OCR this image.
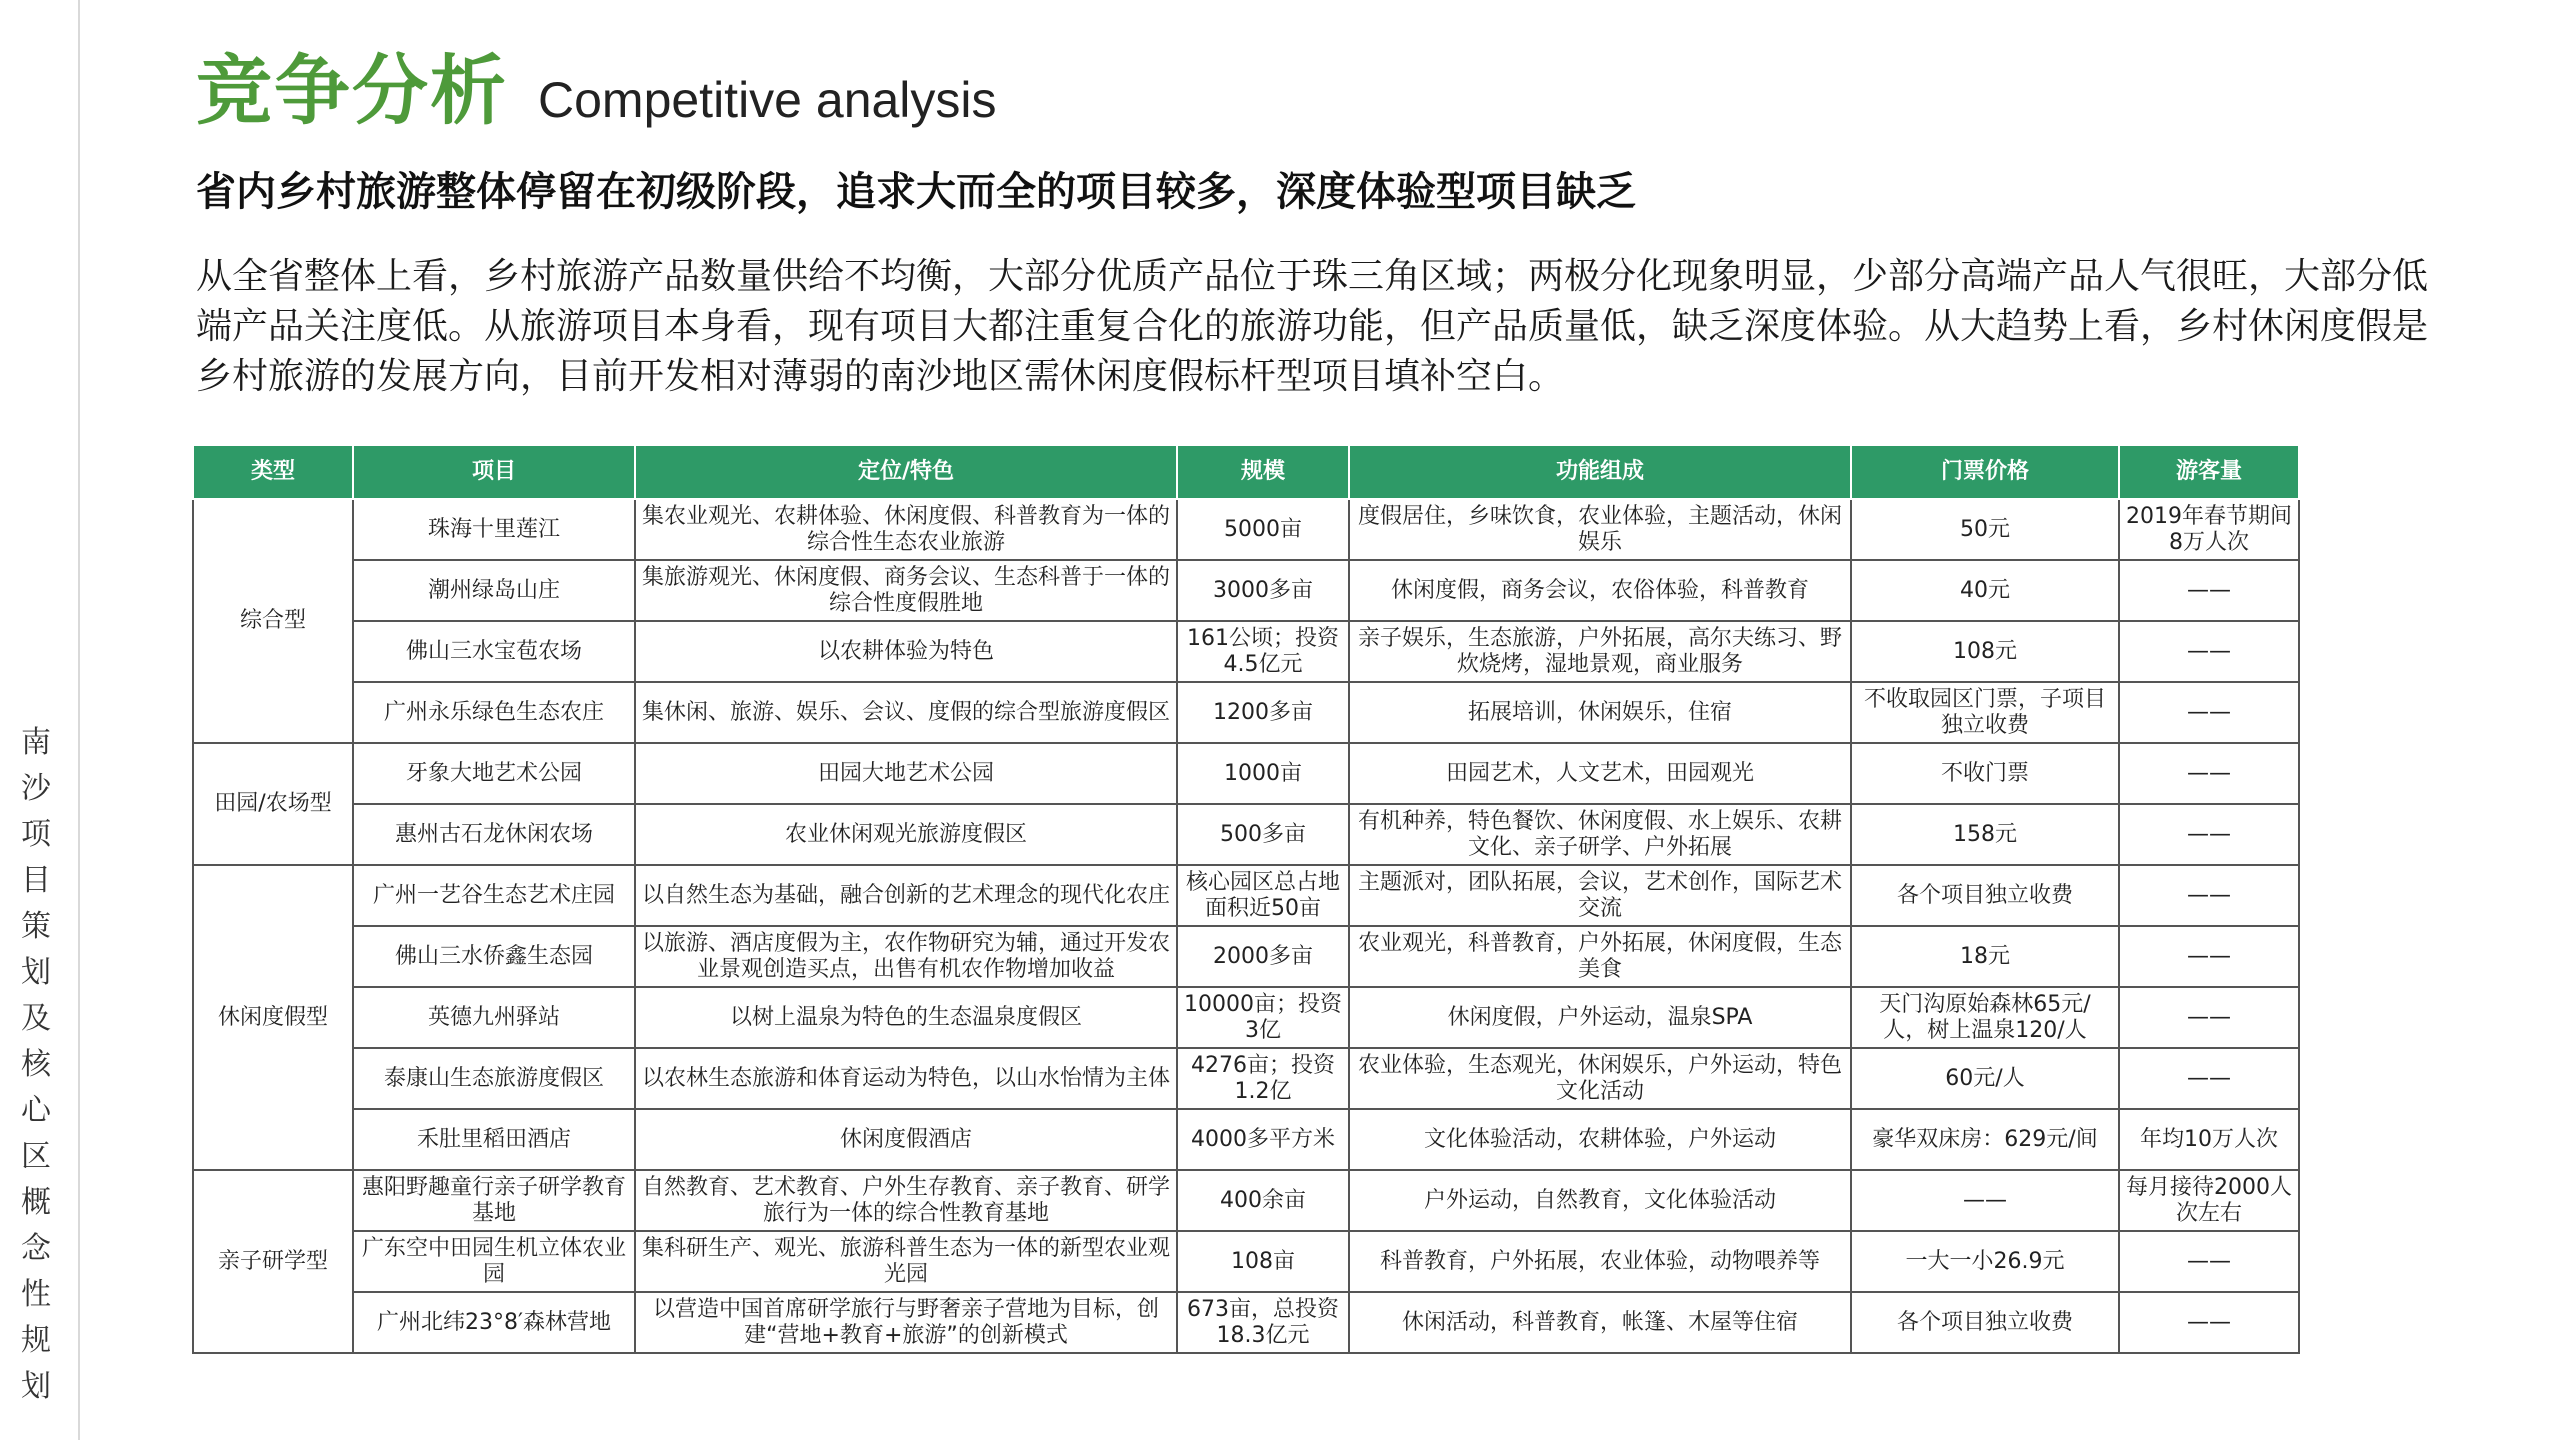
南
沙
项
目
策
划
及
核
心
区
概
念
性
规
划
竞争分析 Competitive analysis
省内乡村旅游整体停留在初级阶段，追求大而全的项目较多，深度体验型项目缺乏
从全省整体上看，乡村旅游产品数量供给不均衡，大部分优质产品位于珠三角区域；两极分化现象明显，少部分高端产品人气很旺，大部分低端产品关注度低。从旅游项目本身看，现有项目大都注重复合化的旅游功能，但产品质量低，缺乏深度体验。从大趋势上看，乡村休闲度假是乡村旅游的发展方向，目前开发相对薄弱的南沙地区需休闲度假标杆型项目填补空白。
类型	项目	定位/特色	规模	功能组成	门票价格	游客量
综合型	珠海十里莲江	集农业观光、农耕体验、休闲度假、科普教育为一体的综合性生态农业旅游	5000亩	度假居住，乡味饮食，农业体验，主题活动，休闲娱乐	50元	2019年春节期间8万人次
	潮州绿岛山庄	集旅游观光、休闲度假、商务会议、生态科普于一体的综合性度假胜地	3000多亩	休闲度假，商务会议，农俗体验，科普教育	40元	——
	佛山三水宝苞农场	以农耕体验为特色	161公顷；投资4.5亿元	亲子娱乐，生态旅游，户外拓展，高尔夫练习、野炊烧烤，湿地景观，商业服务	108元	——
	广州永乐绿色生态农庄	集休闲、旅游、娱乐、会议、度假的综合型旅游度假区	1200多亩	拓展培训，休闲娱乐，住宿	不收取园区门票，子项目独立收费	——
田园/农场型	牙象大地艺术公园	田园大地艺术公园	1000亩	田园艺术，人文艺术，田园观光	不收门票	——
	惠州古石龙休闲农场	农业休闲观光旅游度假区	500多亩	有机种养，特色餐饮、休闲度假、水上娱乐、农耕文化、亲子研学、户外拓展	158元	——
休闲度假型	广州一艺谷生态艺术庄园	以自然生态为基础，融合创新的艺术理念的现代化农庄	核心园区总占地面积近50亩	主题派对，团队拓展，会议，艺术创作，国际艺术交流	各个项目独立收费	——
	佛山三水侨鑫生态园	以旅游、酒店度假为主，农作物研究为辅，通过开发农业景观创造买点，出售有机农作物增加收益	2000多亩	农业观光，科普教育，户外拓展，休闲度假，生态美食	18元	——
	英德九州驿站	以树上温泉为特色的生态温泉度假区	10000亩；投资3亿	休闲度假，户外运动，温泉SPA	天门沟原始森林65元/人，树上温泉120/人	——
	泰康山生态旅游度假区	以农林生态旅游和体育运动为特色，以山水怡情为主体	4276亩；投资1.2亿	农业体验，生态观光，休闲娱乐，户外运动，特色文化活动	60元/人	——
	禾肚里稻田酒店	休闲度假酒店	4000多平方米	文化体验活动，农耕体验，户外运动	豪华双床房：629元/间	年均10万人次
亲子研学型	惠阳野趣童行亲子研学教育基地	自然教育、艺术教育、户外生存教育、亲子教育、研学旅行为一体的综合性教育基地	400余亩	户外运动，自然教育，文化体验活动	——	每月接待2000人次左右
	广东空中田园生机立体农业园	集科研生产、观光、旅游科普生态为一体的新型农业观光园	108亩	科普教育，户外拓展，农业体验，动物喂养等	一大一小26.9元	——
	广州北纬23°8′森林营地	以营造中国首席研学旅行与野奢亲子营地为目标，创建“营地+教育+旅游”的创新模式	673亩，总投资18.3亿元	休闲活动，科普教育，帐篷、木屋等住宿	各个项目独立收费	——
